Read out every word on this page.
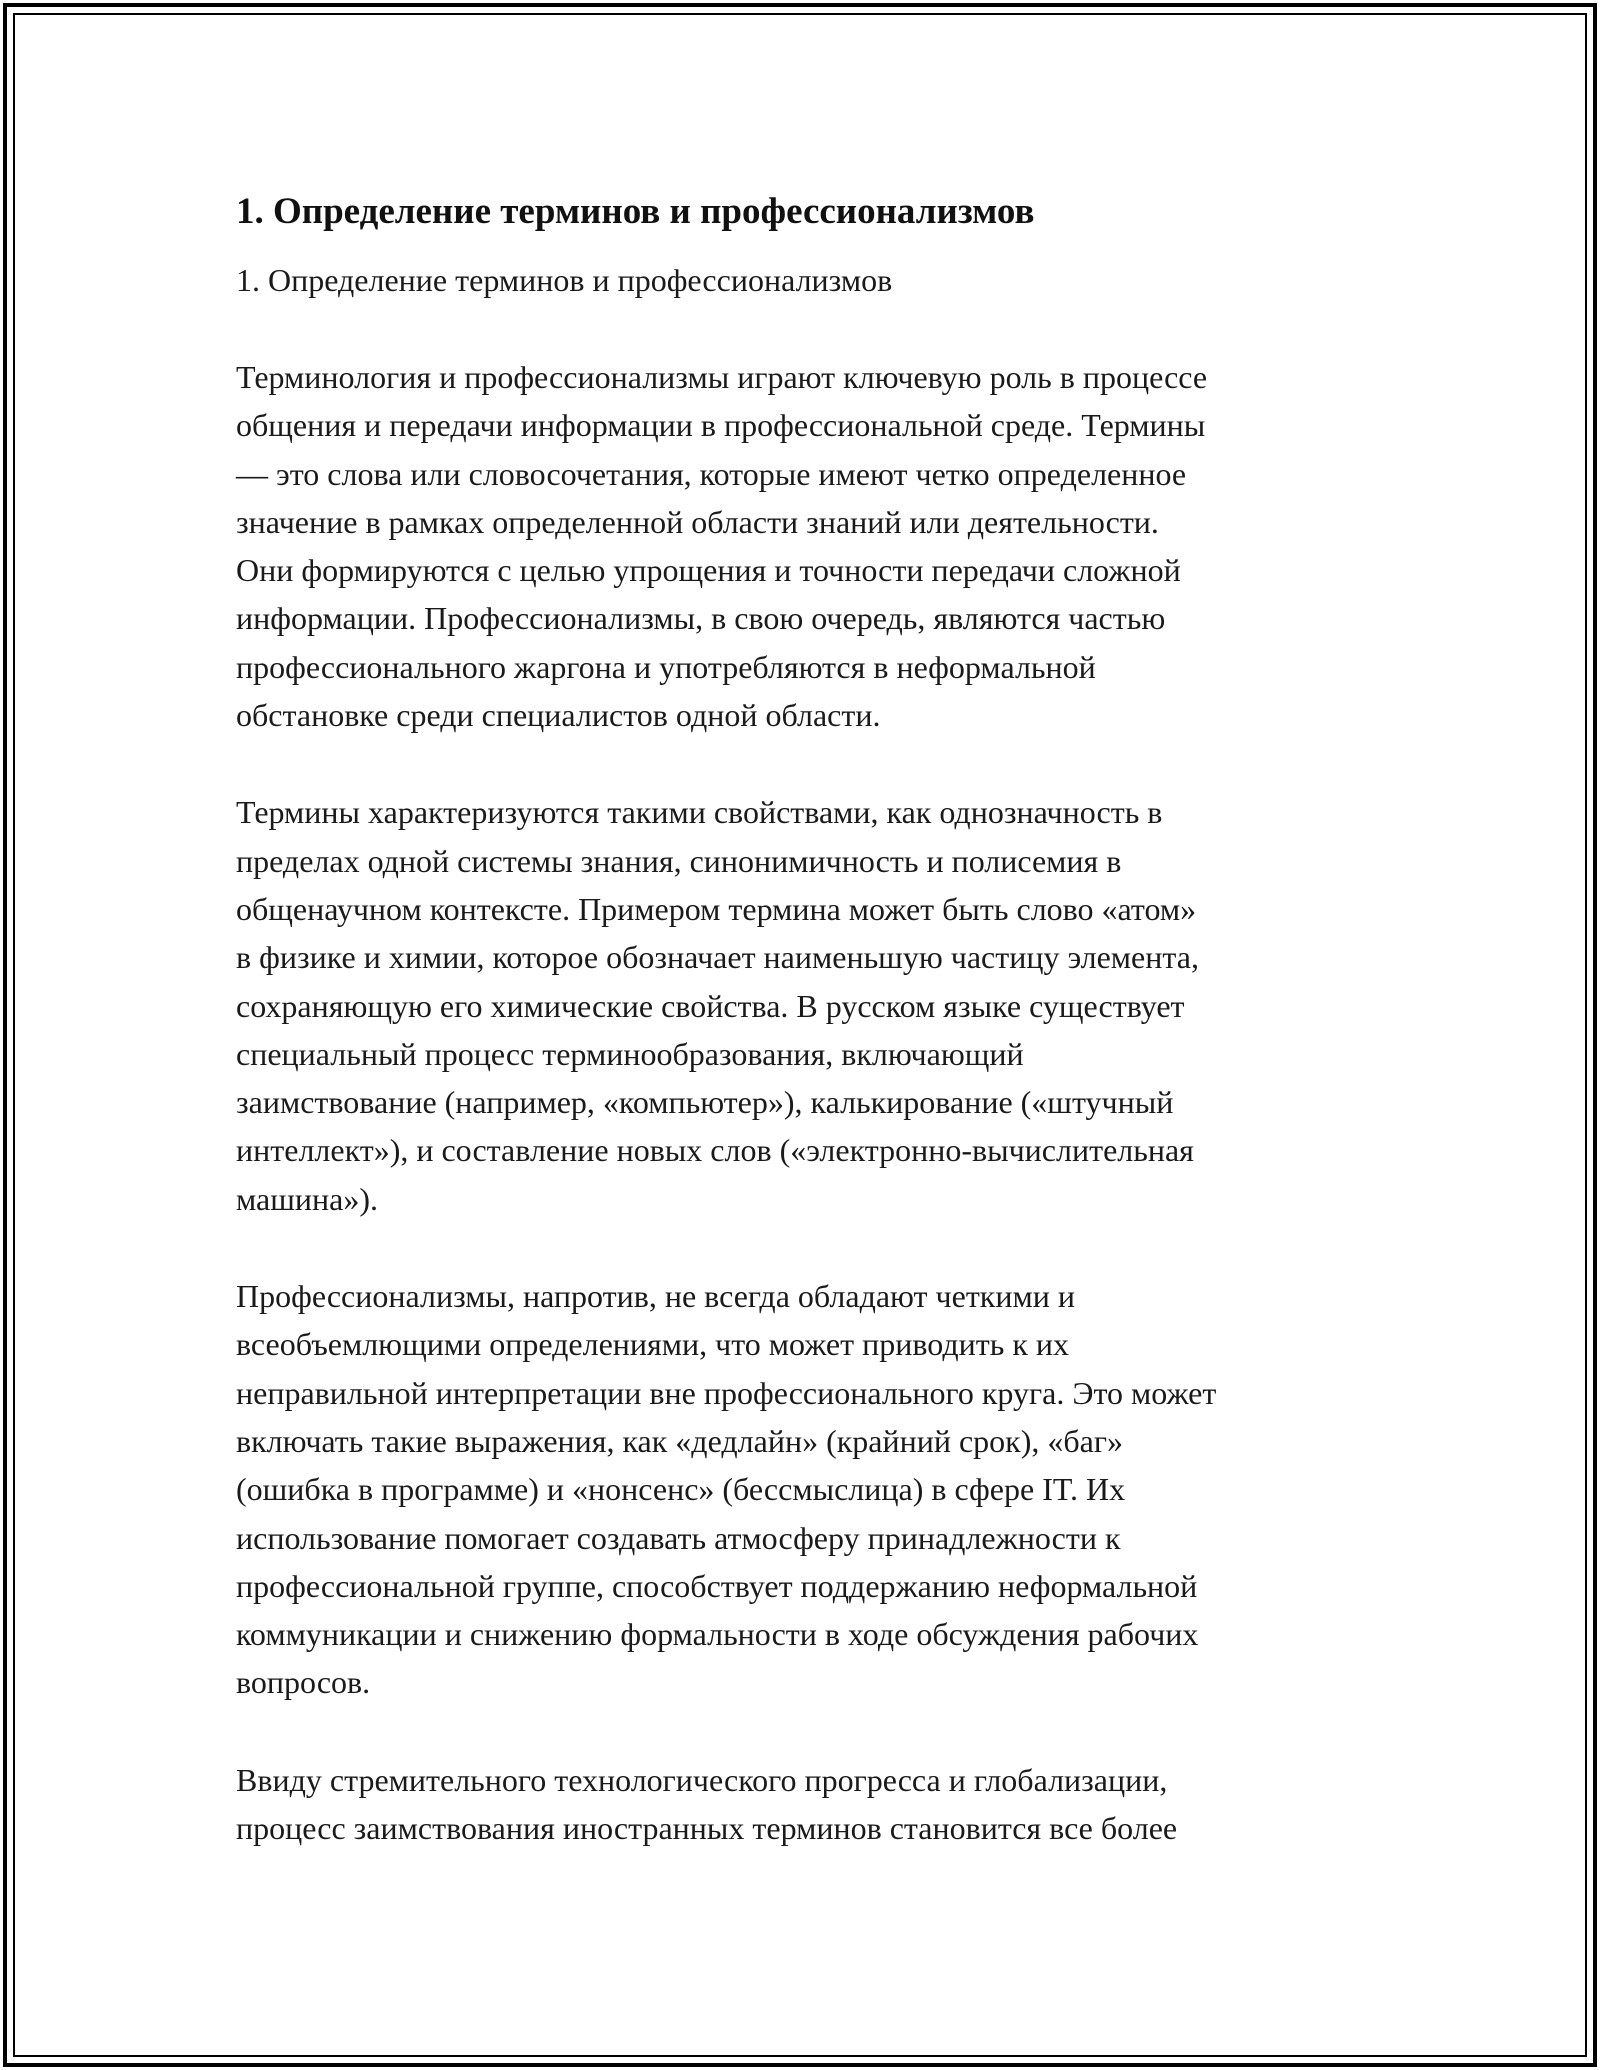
1. Определение терминов и профессионализмов

1. Определение терминов и профессионализмов

Терминология и профессионализмы играют ключевую роль в процессе
общения и передачи информации в профессиональной среде. Термины
— это слова или словосочетания, которые имеют четко определенное
значение в рамках определенной области знаний или деятельности.
Они формируются с целью упрощения и точности передачи сложной
информации. Профессионализмы, в свою очередь, являются частью
профессионального жаргона и употребляются в неформальной
обстановке среди специалистов одной области.

Термины характеризуются такими свойствами, как однозначность в
пределах одной системы знания, синонимичность и полисемия в
общенаучном контексте. Примером термина может быть слово «атом»
в физике и химии, которое обозначает наименьшую частицу элемента,
сохраняющую его химические свойства. В русском языке существует
специальный процесс терминообразования, включающий
заимствование (например, «компьютер»), калькирование («штучный
интеллект»), и составление новых слов («электронно-вычислительная
машина»).

Профессионализмы, напротив, не всегда обладают четкими и
всеобъемлющими определениями, что может приводить к их
неправильной интерпретации вне профессионального круга. Это может
включать такие выражения, как «дедлайн» (крайний срок), «баг»
(ошибка в программе) и «нонсенс» (бессмыслица) в сфере IT. Их
использование помогает создавать атмосферу принадлежности к
профессиональной группе, способствует поддержанию неформальной
коммуникации и снижению формальности в ходе обсуждения рабочих
вопросов.

Ввиду стремительного технологического прогресса и глобализации,
процесс заимствования иностранных терминов становится все более
